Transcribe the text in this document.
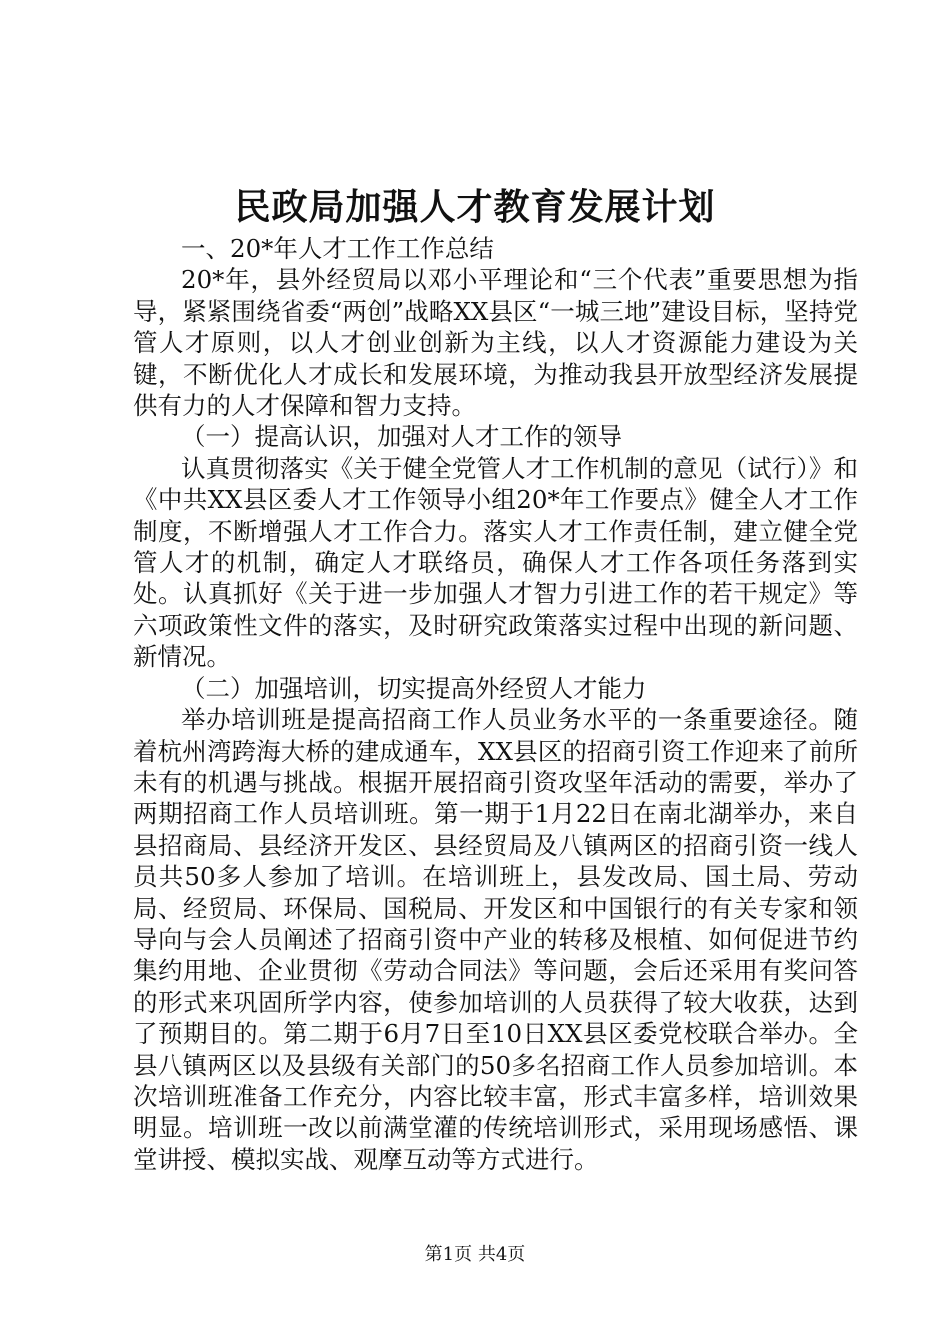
民政局加强人才教育发展计划

一、20*年人才工作工作总结

20*年，县外经贸局以邓小平理论和“三个代表”重要思想为指导，紧紧围绕省委“两创”战略XX县区“一城三地”建设目标，坚持党管人才原则，以人才创业创新为主线，以人才资源能力建设为关键，不断优化人才成长和发展环境，为推动我县开放型经济发展提供有力的人才保障和智力支持。

（一）提高认识，加强对人才工作的领导

认真贯彻落实《关于健全党管人才工作机制的意见（试行）》和《中共XX县区委人才工作领导小组20*年工作要点》健全人才工作制度，不断增强人才工作合力。落实人才工作责任制，建立健全党管人才的机制，确定人才联络员，确保人才工作各项任务落到实处。认真抓好《关于进一步加强人才智力引进工作的若干规定》等六项政策性文件的落实，及时研究政策落实过程中出现的新问题、新情况。

（二）加强培训，切实提高外经贸人才能力

举办培训班是提高招商工作人员业务水平的一条重要途径。随着杭州湾跨海大桥的建成通车，XX县区的招商引资工作迎来了前所未有的机遇与挑战。根据开展招商引资攻坚年活动的需要，举办了两期招商工作人员培训班。第一期于1月22日在南北湖举办，来自县招商局、县经济开发区、县经贸局及八镇两区的招商引资一线人员共50多人参加了培训。在培训班上，县发改局、国土局、劳动局、经贸局、环保局、国税局、开发区和中国银行的有关专家和领导向与会人员阐述了招商引资中产业的转移及根植、如何促进节约集约用地、企业贯彻《劳动合同法》等问题，会后还采用有奖问答的形式来巩固所学内容，使参加培训的人员获得了较大收获，达到了预期目的。第二期于6月7日至10日XX县区委党校联合举办。全县八镇两区以及县级有关部门的50多名招商工作人员参加培训。本次培训班准备工作充分，内容比较丰富，形式丰富多样，培训效果明显。培训班一改以前满堂灌的传统培训形式，采用现场感悟、课堂讲授、模拟实战、观摩互动等方式进行。

第1页 共4页
